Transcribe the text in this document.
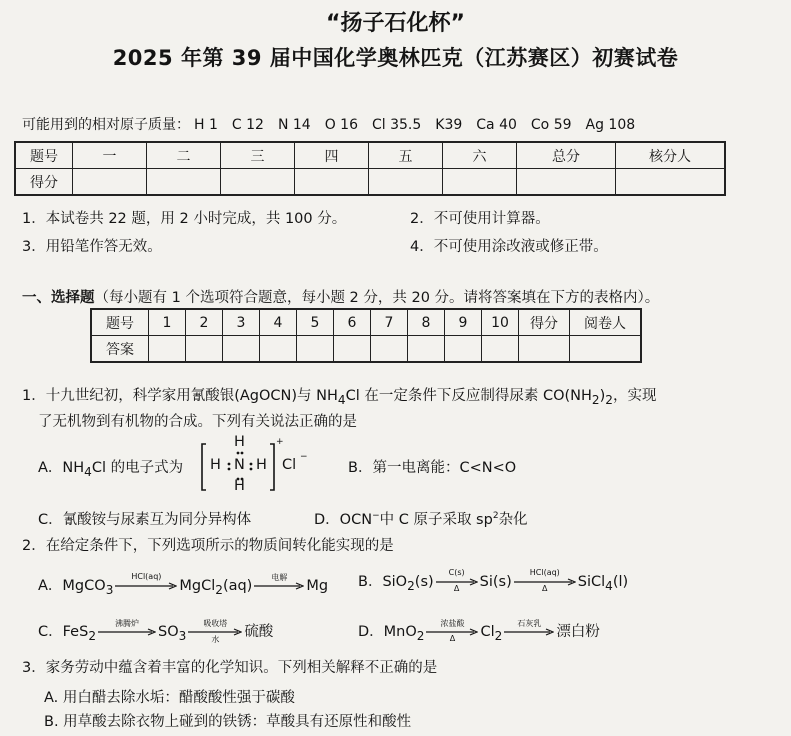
“扬子石化杯”
2025 年第 39 届中国化学奥林匹克（江苏赛区）初赛试卷
可能用到的相对原子质量： H 1 C 12 N 14 O 16 Cl 35.5 K39 Ca 40 Co 59 Ag 108
题号	一	二	三	四	五	六	总分	核分人
得分								
1．本试卷共 22 题，用 2 小时完成，共 100 分。	2．不可使用计算器。
3．用铅笔作答无效。	4．不可使用涂改液或修正带。
一、选择题（每小题有 1 个选项符合题意，每小题 2 分，共 20 分。请将答案填在下方的表格内）。
题号	1	2	3	4	5	6	7	8	9	10	得分	阅卷人
答案												
1．十九世纪初，科学家用氰酸银(AgOCN)与 $NH_4Cl$ 在一定条件下反应制得尿素 $CO(NH_2)_2$，实现
了无机物到有机物的合成。下列有关说法正确的是
A．$NH_4Cl$ 的电子式为
H
H N H
H
+
Cl −
B．第一电离能：C<N<O
C．氰酸铵与尿素互为同分异构体	D．OCN−中 C 原子采取 $sp^2$杂化
2．在给定条件下，下列选项所示的物质间转化能实现的是
A．MgCO$_3$
HCl(aq)
MgCl$_2$(aq)
电解
Mg B．SiO$_2$(s)
C(s)
Δ	Si(s)
HCl(aq)
Δ	SiCl$_4$(l)
C．FeS$_2$
沸腾炉
$SO_3$
吸收塔
水	硫酸	D．MnO$_2$
浓盐酸
Δ	$Cl_2$
石灰乳
漂白粉
3．家务劳动中蕴含着丰富的化学知识。下列相关解释不正确的是
A. 用白醋去除水垢：醋酸酸性强于碳酸
B. 用草酸去除衣物上碰到的铁锈：草酸具有还原性和酸性
